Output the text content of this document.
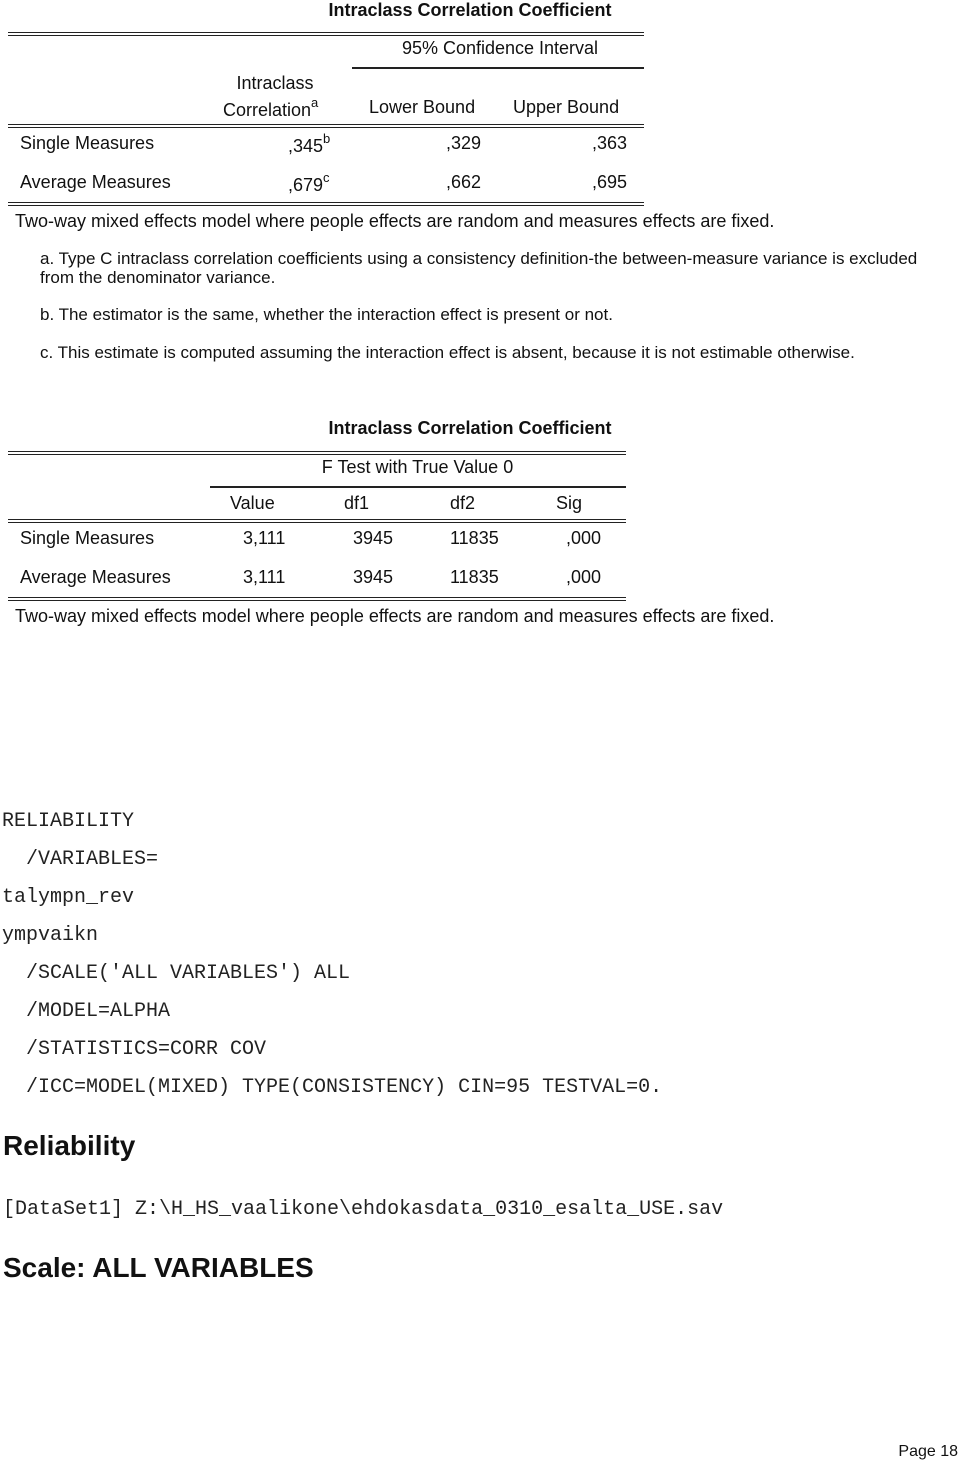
Intraclass Correlation Coefficient
95% Confidence Interval
Intraclass
Correlation$^a$	Lower Bound Upper Bound
Single Measures	,345$^b$	,329	,363
Average Measures	,679$^c$	,662	,695
Two-way mixed effects model where people effects are random and measures effects are fixed.
a. Type C intraclass correlation coefficients using a consistency definition-the between-measure variance is excluded from the denominator variance.
b. The estimator is the same, whether the interaction effect is present or not.
c. This estimate is computed assuming the interaction effect is absent, because it is not estimable otherwise.
Intraclass Correlation Coefficient
F Test with True Value 0
Value	df1	df2	Sig
Single Measures	3,111	3945	11835	,000
Average Measures	3,111	3945	11835	,000
Two-way mixed effects model where people effects are random and measures effects are fixed.
RELIABILITY
/VARIABLES=
talympn_rev
ympvaikn
/SCALE('ALL VARIABLES') ALL
/MODEL=ALPHA
/STATISTICS=CORR COV
/ICC=MODEL(MIXED) TYPE(CONSISTENCY) CIN=95 TESTVAL=0.
Reliability
[DataSet1] Z:\H_HS_vaalikone\ehdokasdata_0310_esalta_USE.sav
Scale: ALL VARIABLES
Page 18
